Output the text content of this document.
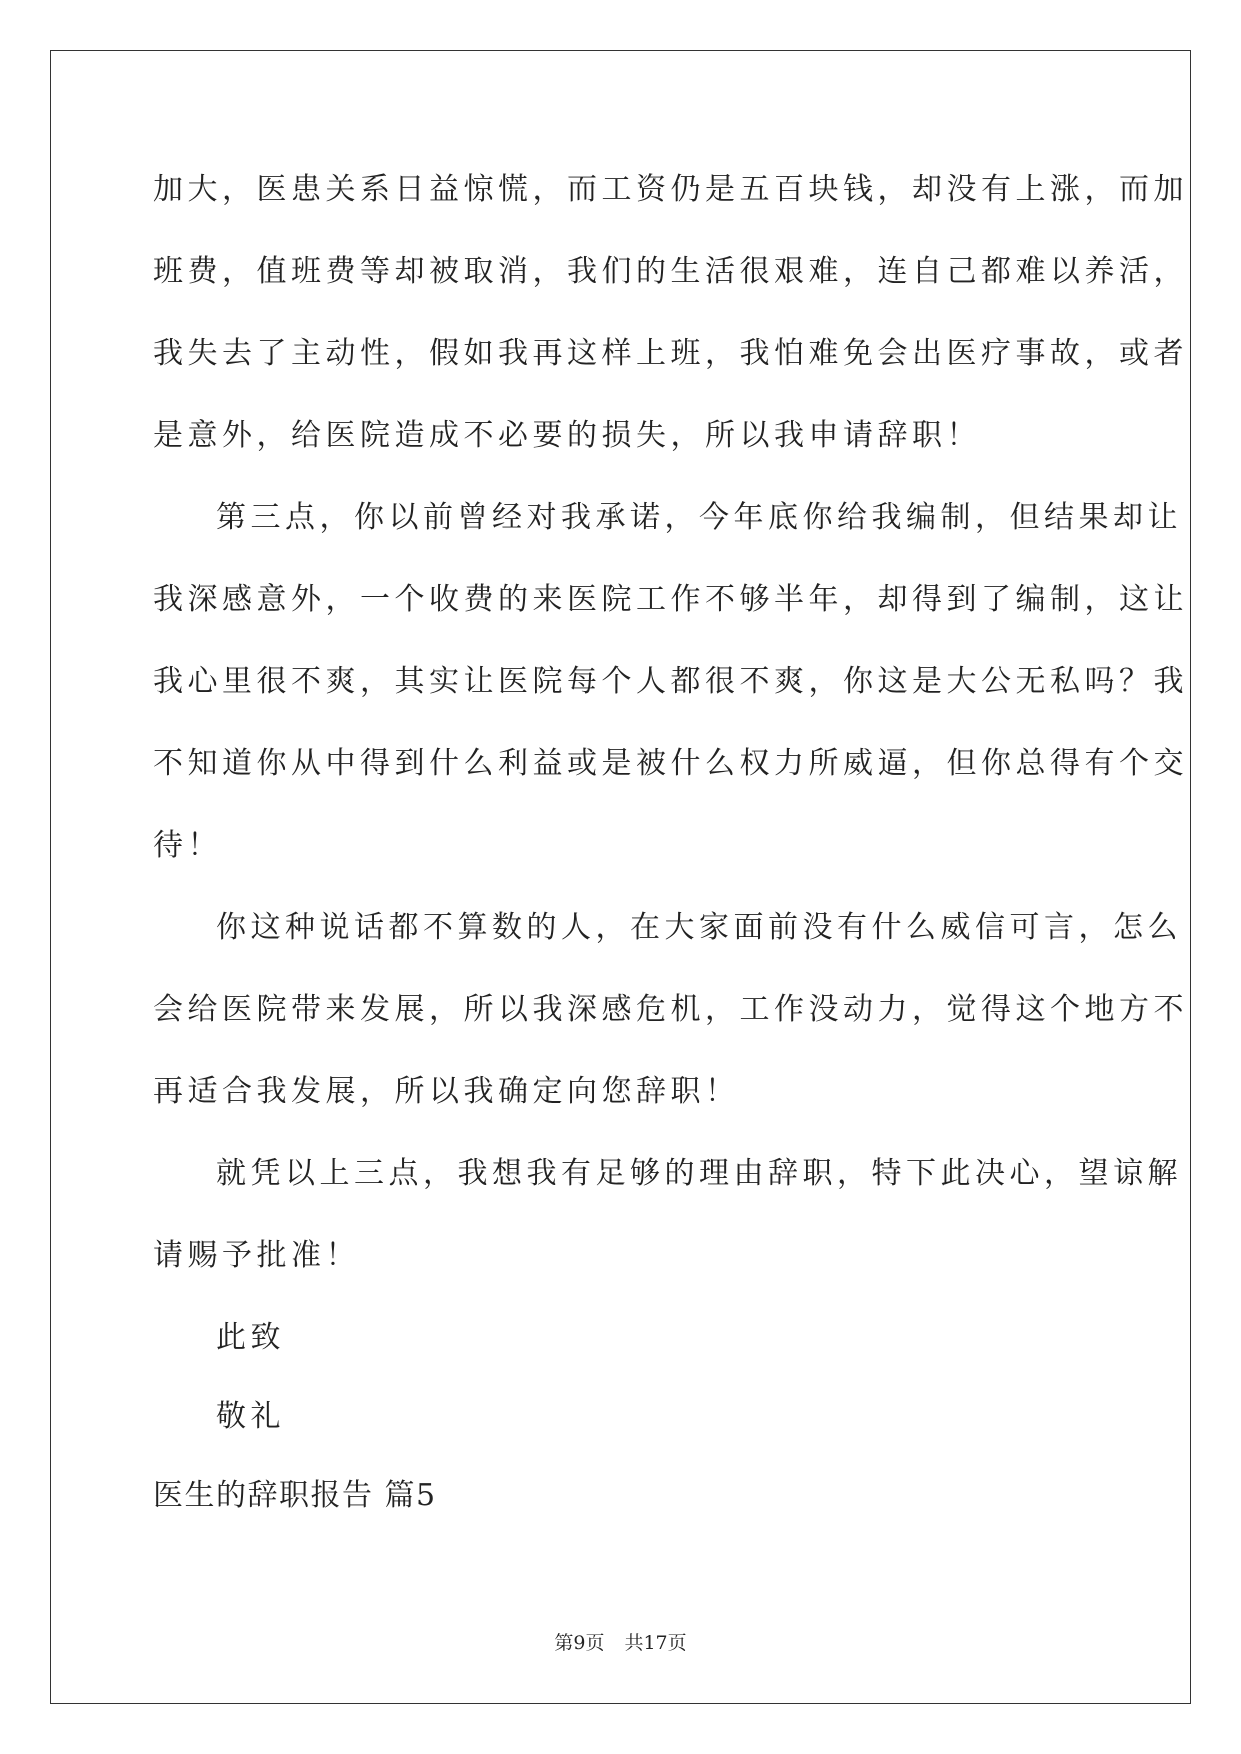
加大，医患关系日益惊慌，而工资仍是五百块钱，却没有上涨，而加
班费，值班费等却被取消，我们的生活很艰难，连自己都难以养活，
我失去了主动性，假如我再这样上班，我怕难免会出医疗事故，或者
是意外，给医院造成不必要的损失，所以我申请辞职！
第三点，你以前曾经对我承诺，今年底你给我编制，但结果却让
我深感意外，一个收费的来医院工作不够半年，却得到了编制，这让
我心里很不爽，其实让医院每个人都很不爽，你这是大公无私吗？我
不知道你从中得到什么利益或是被什么权力所威逼，但你总得有个交
待！
你这种说话都不算数的人，在大家面前没有什么威信可言，怎么
会给医院带来发展，所以我深感危机，工作没动力，觉得这个地方不
再适合我发展，所以我确定向您辞职！
就凭以上三点，我想我有足够的理由辞职，特下此决心，望谅解
请赐予批准！
此致
敬礼
医生的辞职报告 篇5
第9页 共17页
